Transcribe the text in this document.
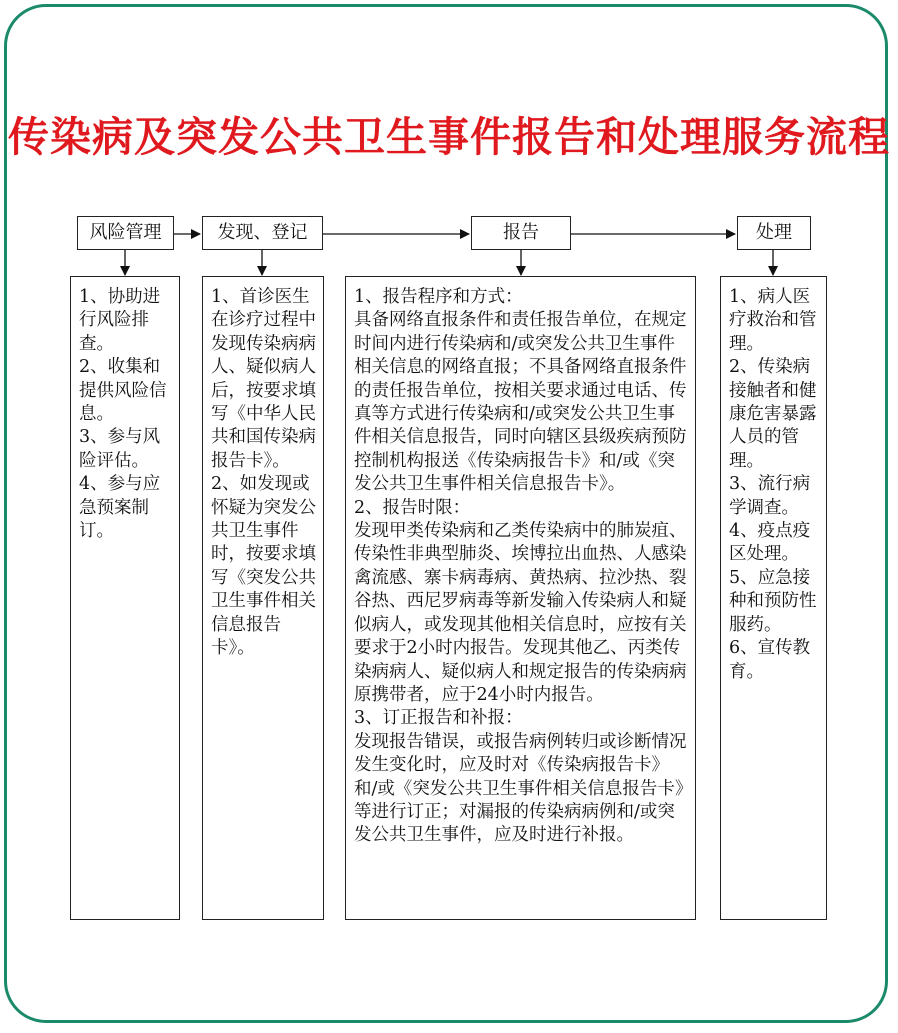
传染病及突发公共卫生事件报告和处理服务流程
风险管理	发现、登记	报告	处理

1、协助进行风险排查。

2、收集和提供风险信息。

3、参与风险评估。

4、参与应急预案制订。

1、首诊医生在诊疗过程中发现传染病病人、疑似病人后，按要求填写《中华人民共和国传染病报告卡》。

2、如发现或怀疑为突发公共卫生事件时，按要求填写《突发公共卫生事件相关信息报告卡》。

1、报告程序和方式：

具备网络直报条件和责任报告单位，在规定时间内进行传染病和/或突发公共卫生事件相关信息的网络直报；不具备网络直报条件的责任报告单位，按相关要求通过电话、传真等方式进行传染病和/或突发公共卫生事件相关信息报告，同时向辖区县级疾病预防控制机构报送《传染病报告卡》和/或《突发公共卫生事件相关信息报告卡》。

2、报告时限：

发现甲类传染病和乙类传染病中的肺炭疽、传染性非典型肺炎、埃博拉出血热、人感染禽流感、寨卡病毒病、黄热病、拉沙热、裂谷热、西尼罗病毒等新发输入传染病人和疑似病人，或发现其他相关信息时，应按有关要求于2小时内报告。发现其他乙、丙类传染病病人、疑似病人和规定报告的传染病病原携带者，应于24小时内报告。

3、订正报告和补报：

发现报告错误，或报告病例转归或诊断情况发生变化时，应及时对《传染病报告卡》和/或《突发公共卫生事件相关信息报告卡》等进行订正；对漏报的传染病病例和/或突发公共卫生事件，应及时进行补报。

1、病人医疗救治和管理。

2、传染病接触者和健康危害暴露人员的管理。

3、流行病学调查。

4、疫点疫区处理。

5、应急接种和预防性服药。

6、宣传教育。
